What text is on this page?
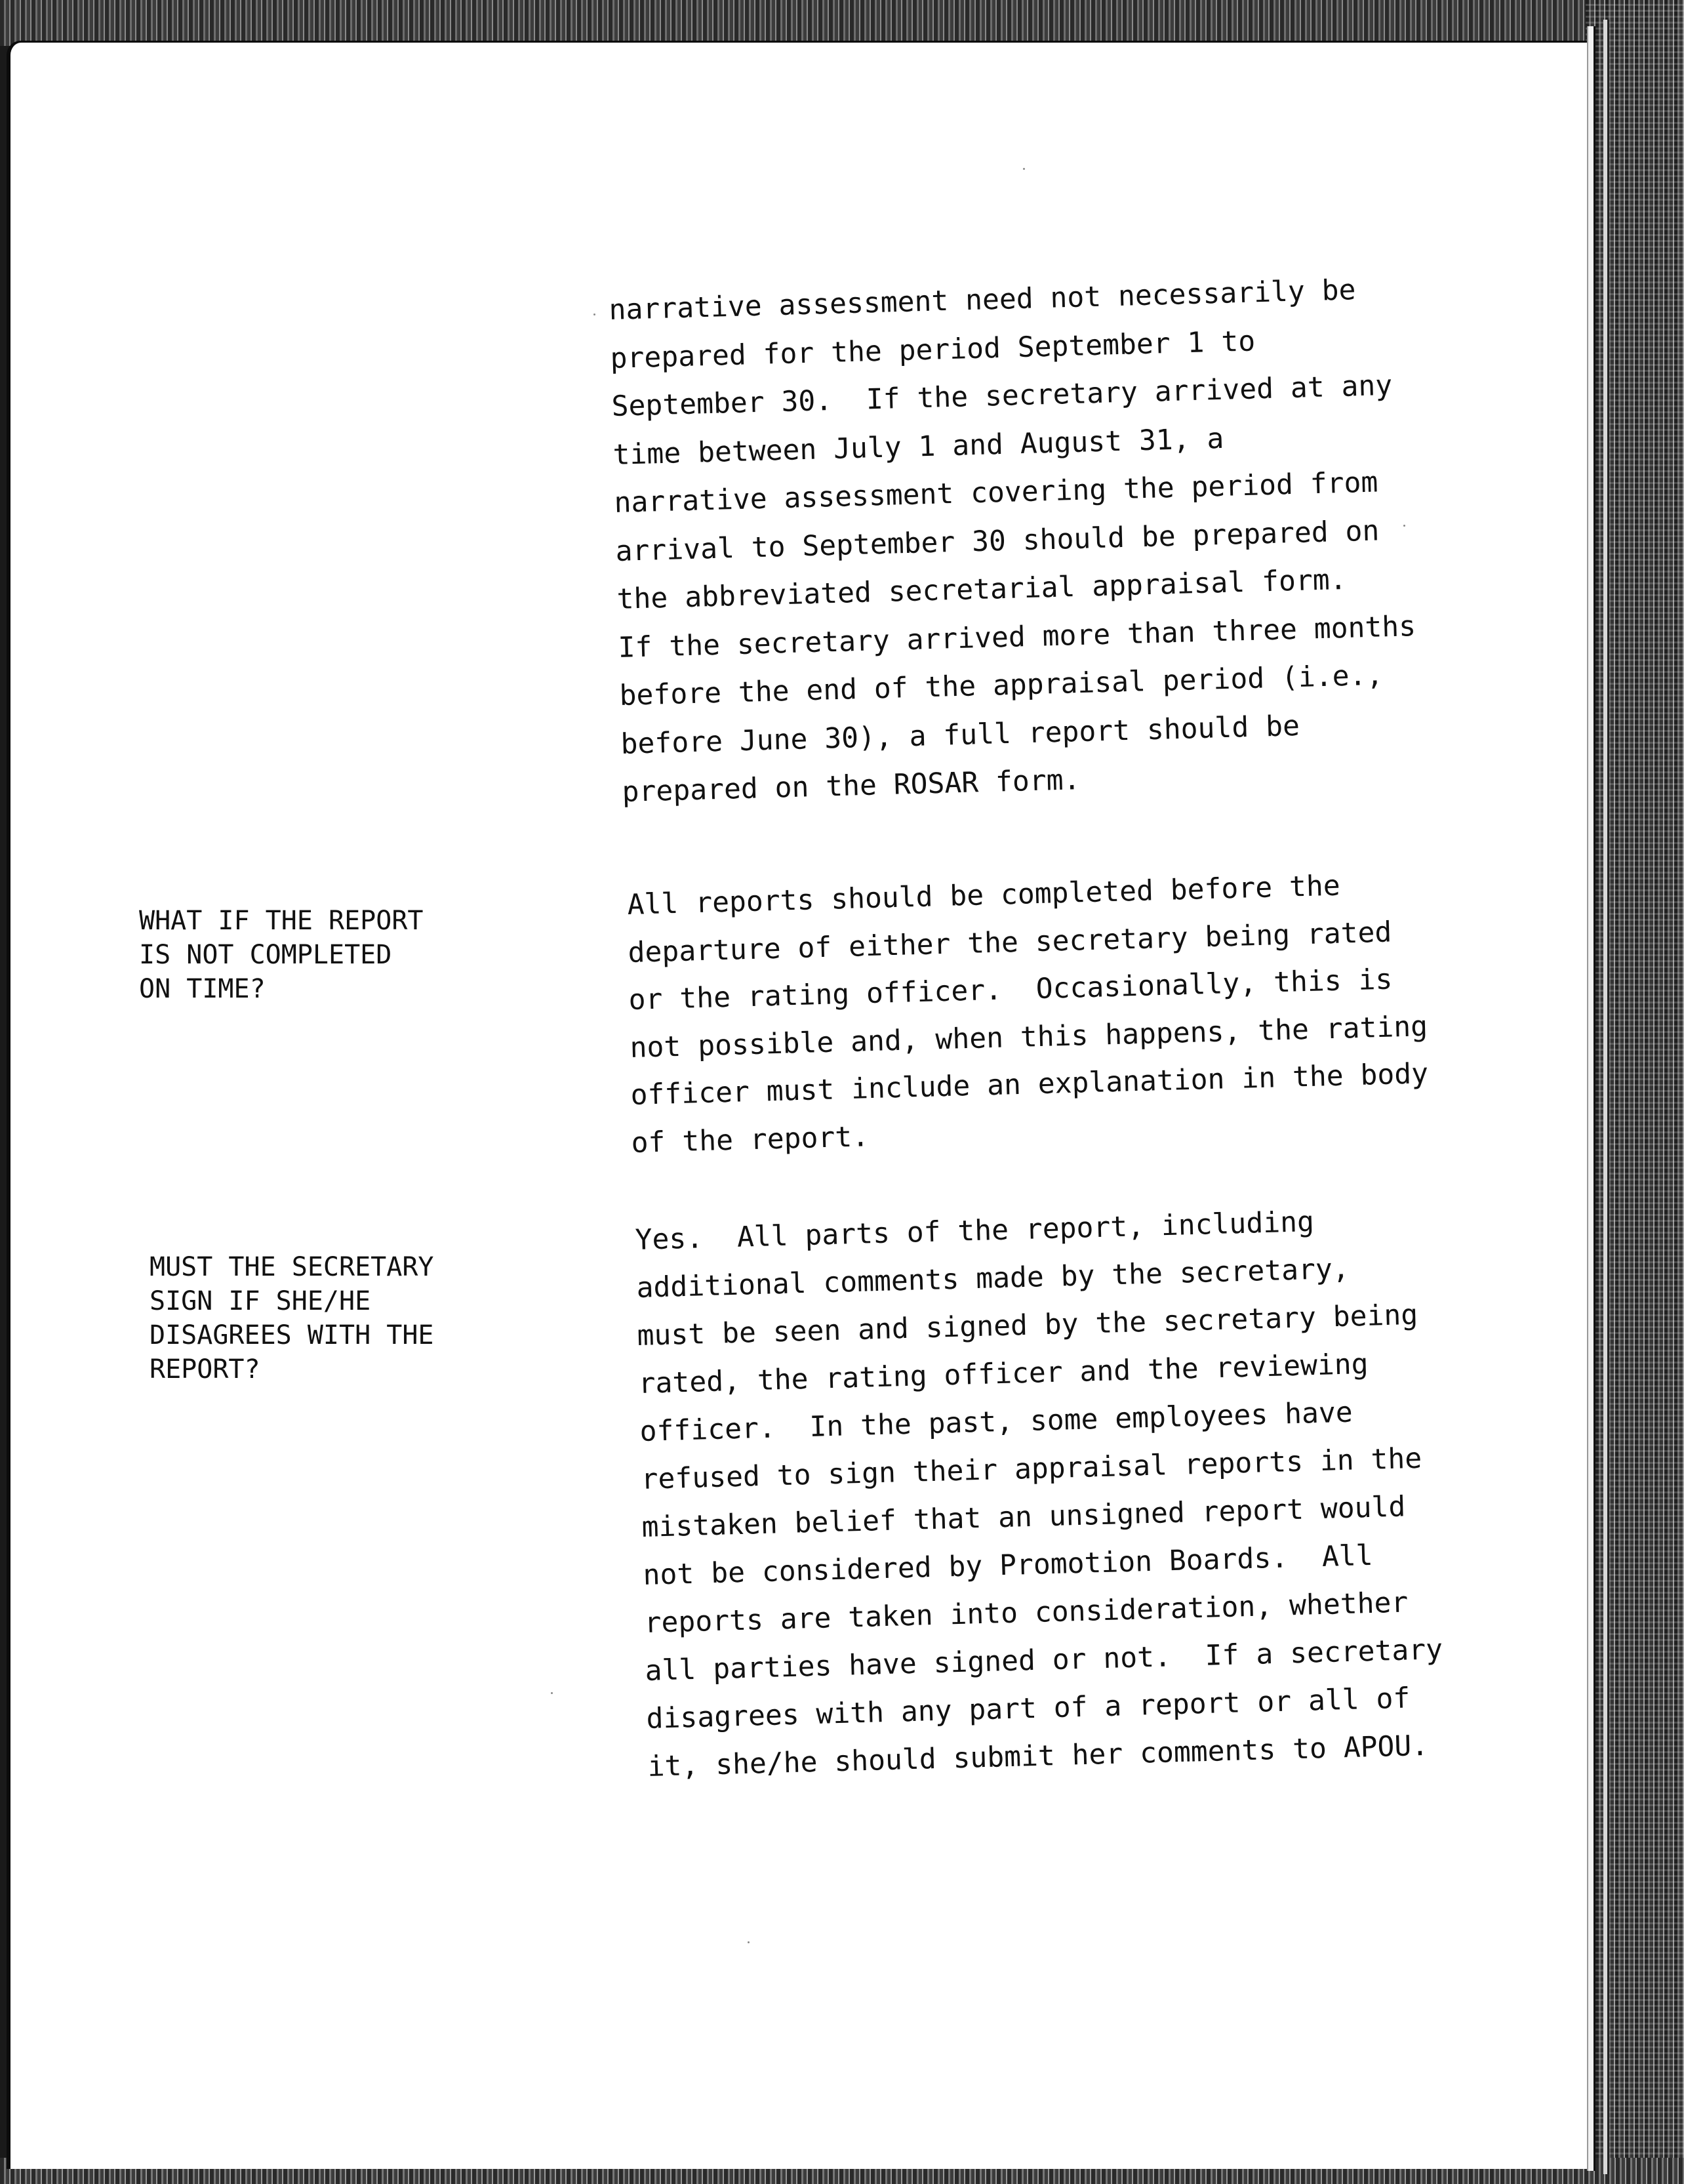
WHAT IF THE REPORT
IS NOT COMPLETED
ON TIME?
MUST THE SECRETARY
SIGN IF SHE/HE
DISAGREES WITH THE
REPORT?
narrative assessment need not necessarily be
prepared for the period September 1 to
September 30.  If the secretary arrived at any
time between July 1 and August 31, a
narrative assessment covering the period from
arrival to September 30 should be prepared on
the abbreviated secretarial appraisal form.
If the secretary arrived more than three months
before the end of the appraisal period (i.e.,
before June 30), a full report should be
prepared on the ROSAR form.
All reports should be completed before the
departure of either the secretary being rated
or the rating officer.  Occasionally, this is
not possible and, when this happens, the rating
officer must include an explanation in the body
of the report.
Yes.  All parts of the report, including
additional comments made by the secretary,
must be seen and signed by the secretary being
rated, the rating officer and the reviewing
officer.  In the past, some employees have
refused to sign their appraisal reports in the
mistaken belief that an unsigned report would
not be considered by Promotion Boards.  All
reports are taken into consideration, whether
all parties have signed or not.  If a secretary
disagrees with any part of a report or all of
it, she/he should submit her comments to APOU.
